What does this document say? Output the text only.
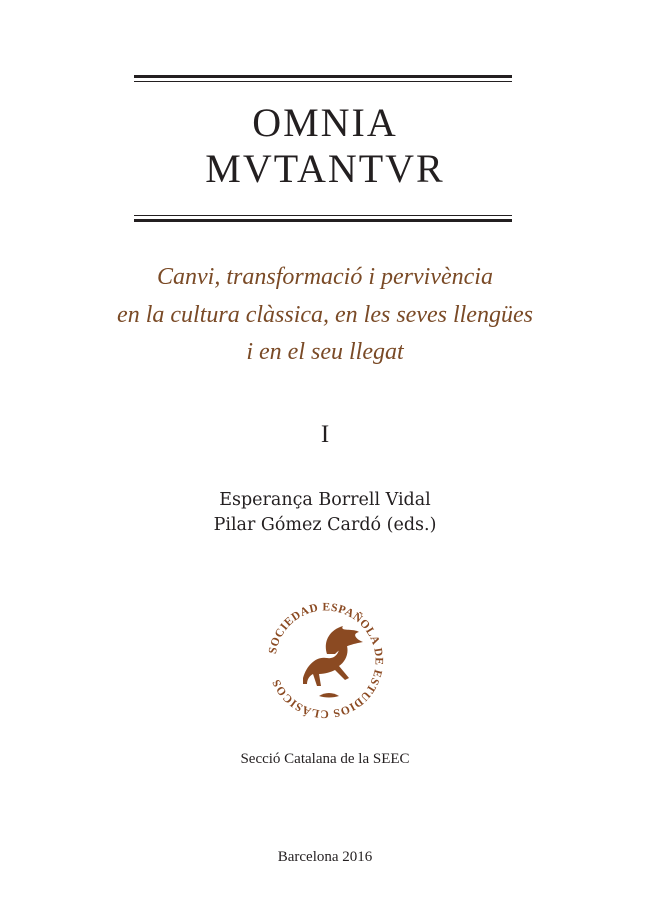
OMNIA
MVTANTVR

Canvi, transformació i pervivència
en la cultura clàssica, en les seves llengües
i en el seu llegat

I
Esperança Borrell Vidal
Pilar Gómez Cardó (eds.)
SOCIEDAD ESPAÑOLA DE ESTUDIOS CLÁSICOS
Secció Catalana de la SEEC
Barcelona 2016
